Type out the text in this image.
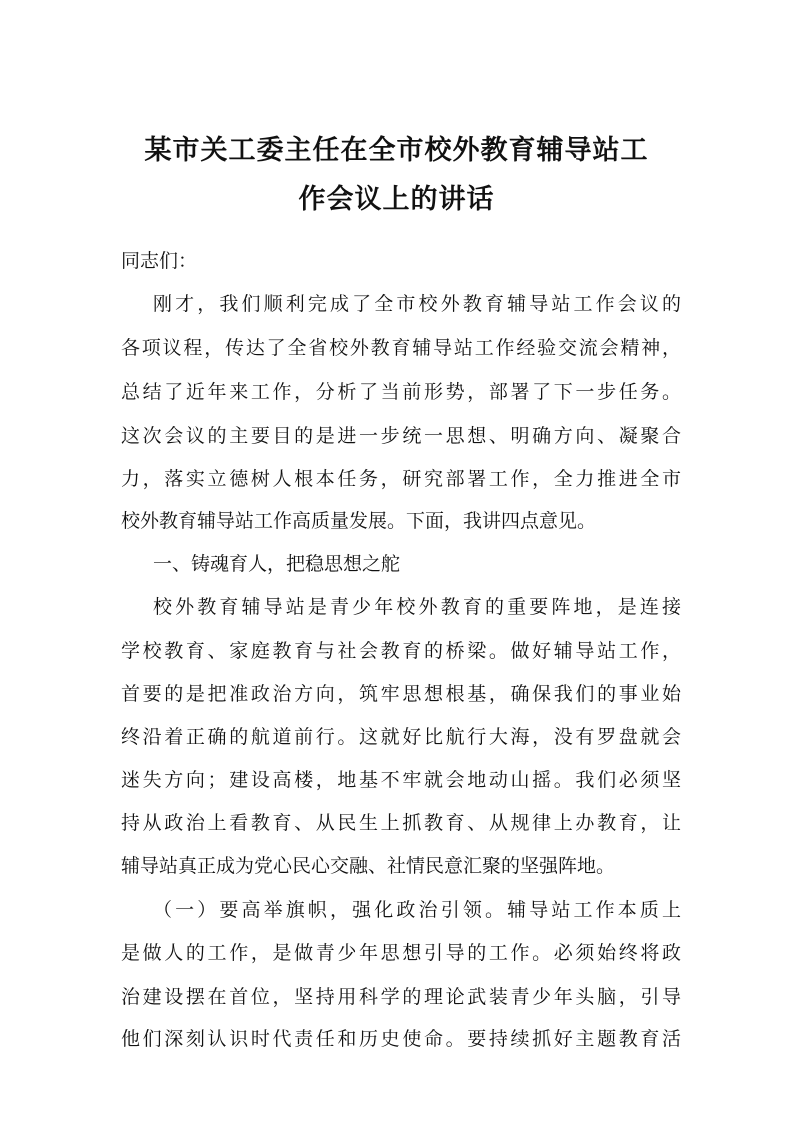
某市关工委主任在全市校外教育辅导站工
作会议上的讲话
同志们：
刚才，我们顺利完成了全市校外教育辅导站工作会议的
各项议程，传达了全省校外教育辅导站工作经验交流会精神，
总结了近年来工作，分析了当前形势，部署了下一步任务。
这次会议的主要目的是进一步统一思想、明确方向、凝聚合
力，落实立德树人根本任务，研究部署工作，全力推进全市
校外教育辅导站工作高质量发展。下面，我讲四点意见。
一、铸魂育人，把稳思想之舵
校外教育辅导站是青少年校外教育的重要阵地，是连接
学校教育、家庭教育与社会教育的桥梁。做好辅导站工作，
首要的是把准政治方向，筑牢思想根基，确保我们的事业始
终沿着正确的航道前行。这就好比航行大海，没有罗盘就会
迷失方向；建设高楼，地基不牢就会地动山摇。我们必须坚
持从政治上看教育、从民生上抓教育、从规律上办教育，让
辅导站真正成为党心民心交融、社情民意汇聚的坚强阵地。
（一）要高举旗帜，强化政治引领。辅导站工作本质上
是做人的工作，是做青少年思想引导的工作。必须始终将政
治建设摆在首位，坚持用科学的理论武装青少年头脑，引导
他们深刻认识时代责任和历史使命。要持续抓好主题教育活
